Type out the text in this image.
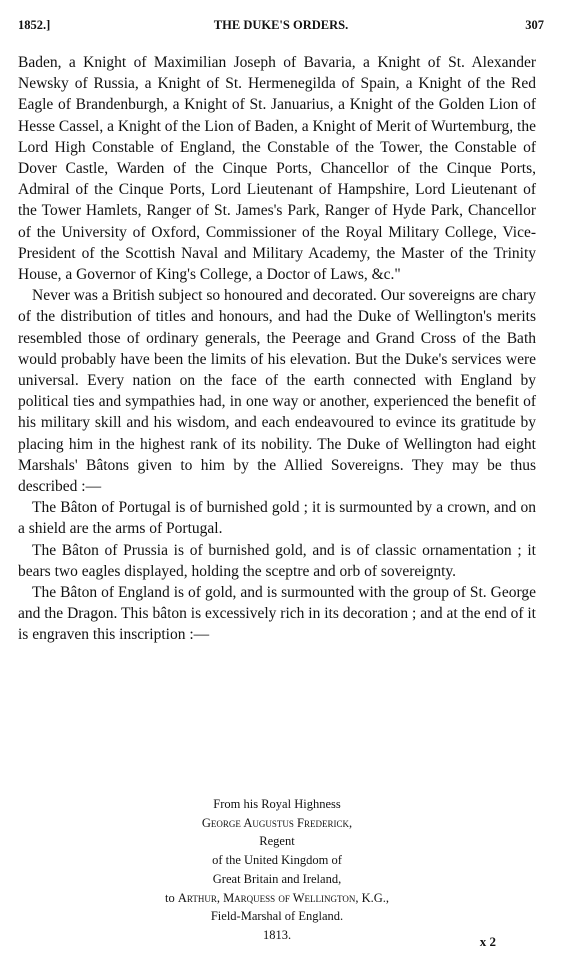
THE DUKE'S ORDERS.
1852.]	307

Baden, a Knight of Maximilian Joseph of Bavaria, a Knight of St. Alexander Newsky of Russia, a Knight of St. Hermenegilda of Spain, a Knight of the Red Eagle of Brandenburgh, a Knight of St. Januarius, a Knight of the Golden Lion of Hesse Cassel, a Knight of the Lion of Baden, a Knight of Merit of Wurtemburg, the Lord High Constable of England, the Constable of the Tower, the Constable of Dover Castle, Warden of the Cinque Ports, Chancellor of the Cinque Ports, Admiral of the Cinque Ports, Lord Lieutenant of Hampshire, Lord Lieutenant of the Tower Hamlets, Ranger of St. James's Park, Ranger of Hyde Park, Chancellor of the University of Oxford, Commissioner of the Royal Military College, Vice-President of the Scottish Naval and Military Academy, the Master of the Trinity House, a Governor of King's College, a Doctor of Laws, &c."

Never was a British subject so honoured and decorated. Our sovereigns are chary of the distribution of titles and honours, and had the Duke of Wellington's merits resembled those of ordinary generals, the Peerage and Grand Cross of the Bath would probably have been the limits of his elevation. But the Duke's services were universal. Every nation on the face of the earth connected with England by political ties and sympathies had, in one way or another, experienced the benefit of his military skill and his wisdom, and each endeavoured to evince its gratitude by placing him in the highest rank of its nobility. The Duke of Wellington had eight Marshals' Bâtons given to him by the Allied Sovereigns. They may be thus described :—

The Bâton of Portugal is of burnished gold ; it is surmounted by a crown, and on a shield are the arms of Portugal.

The Bâton of Prussia is of burnished gold, and is of classic ornamentation ; it bears two eagles displayed, holding the sceptre and orb of sovereignty.

The Bâton of England is of gold, and is surmounted with the group of St. George and the Dragon. This bâton is excessively rich in its decoration ; and at the end of it is engraven this inscription :—

From his Royal Highness
George Augustus Frederick,
Regent
of the United Kingdom of
Great Britain and Ireland,
to Arthur, Marquess of Wellington, K.G.,
Field-Marshal of England.
1813.	x 2
